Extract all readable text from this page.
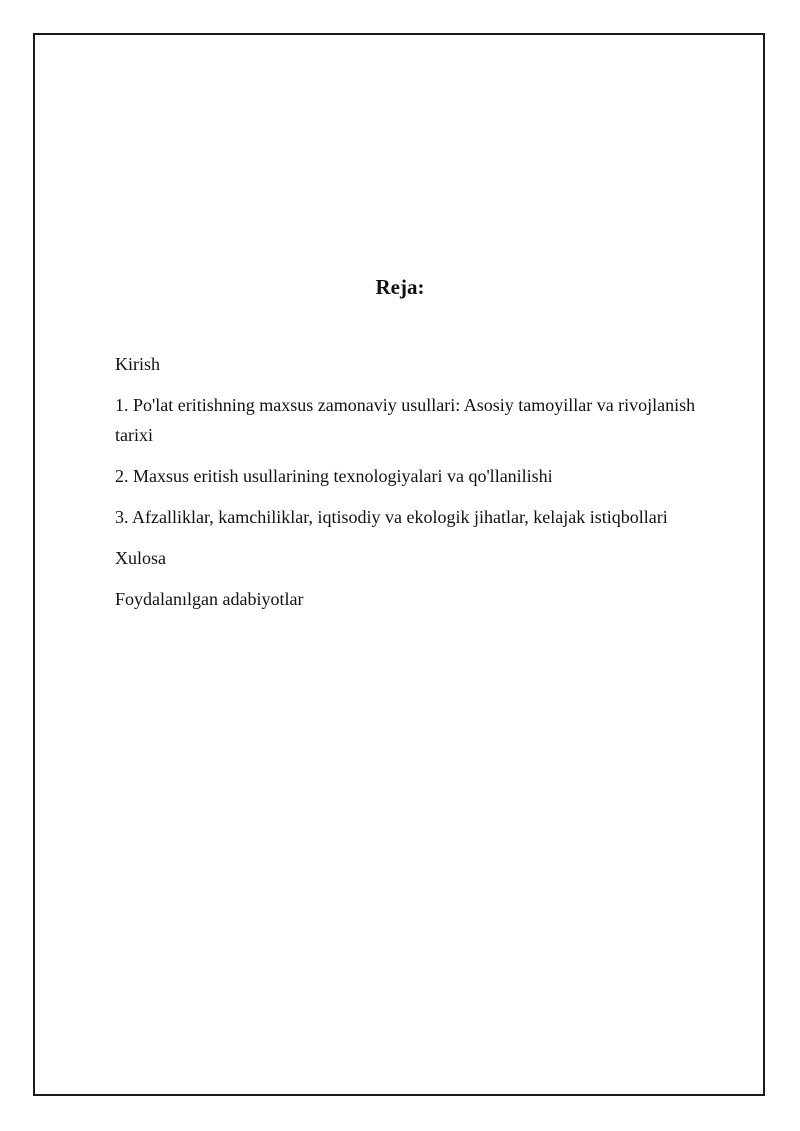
Reja:
Kirish
1. Po'lat eritishning maxsus zamonaviy usullari: Asosiy tamoyillar va rivojlanish tarixi
2. Maxsus eritish usullarining texnologiyalari va qo'llanilishi
3. Afzalliklar, kamchiliklar, iqtisodiy va ekologik jihatlar, kelajak istiqbollari
Xulosa
Foydalanılgan adabiyotlar
